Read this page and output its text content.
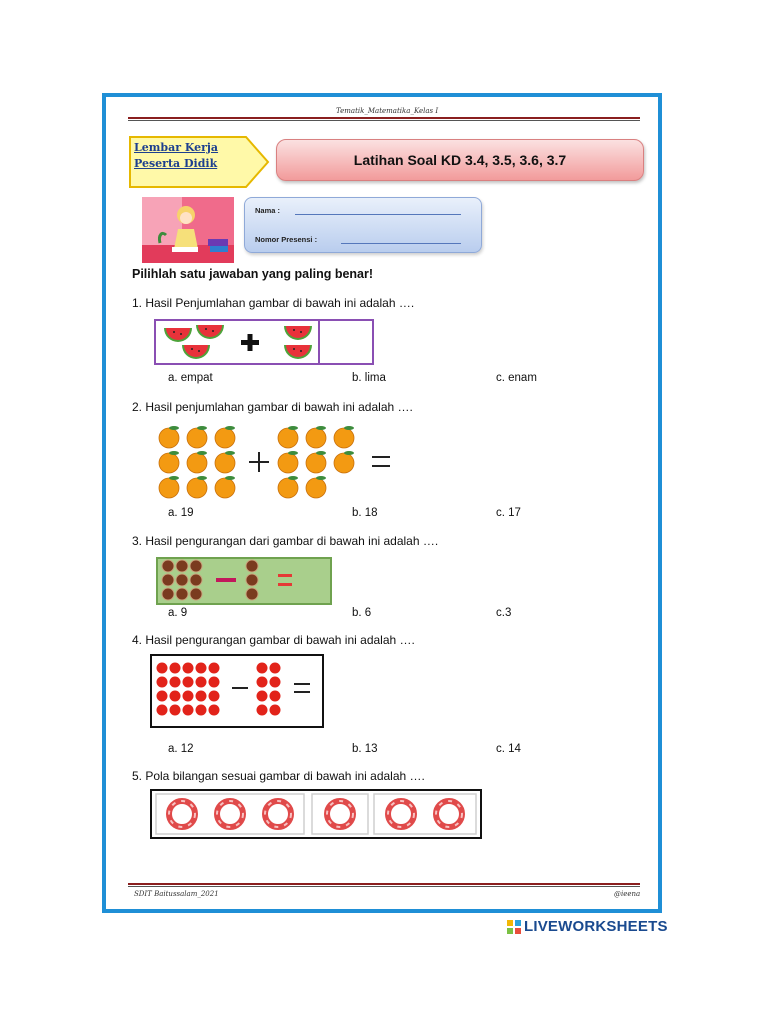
Tematik_Matematika_Kelas I
Lembar Kerja
Peserta Didik	Latihan Soal KD 3.4, 3.5, 3.6, 3.7
Nama :
Nomor Presensi :
Pilihlah satu jawaban yang paling benar!
1. Hasil Penjumlahan gambar di bawah ini adalah ….
a. empat	b. lima	c. enam
2. Hasil penjumlahan gambar di bawah ini adalah ….
a. 19	b. 18	c. 17
3. Hasil pengurangan dari gambar di bawah ini adalah ….
a. 9	b. 6	c.3
4. Hasil pengurangan gambar di bawah ini adalah ….
a. 12	b. 13	c. 14
5. Pola bilangan sesuai gambar di bawah ini adalah ….
SDIT Baitussalam_2021	@ieena
LIVEWORKSHEETS
